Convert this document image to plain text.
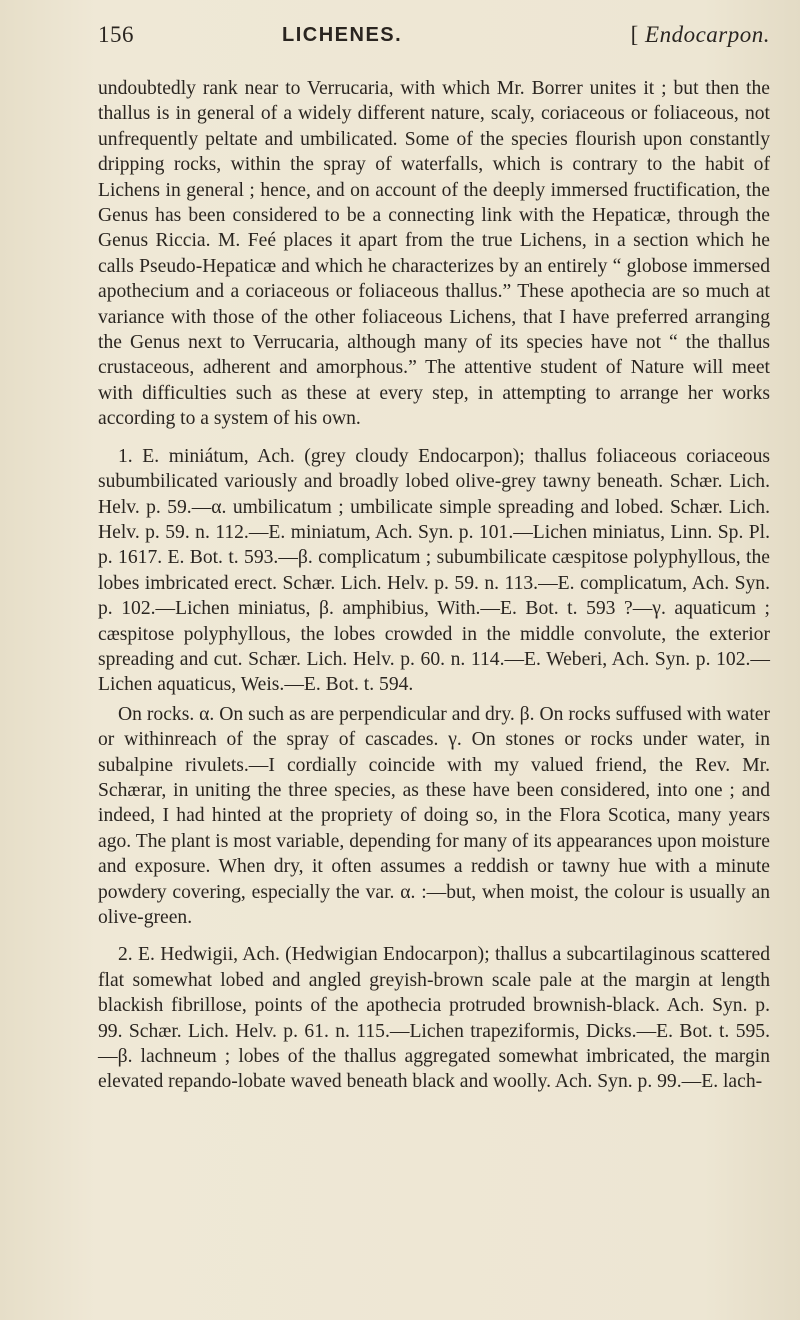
156	LICHENES.	[ Endocarpon.

undoubtedly rank near to Verrucaria, with which Mr. Borrer unites it ; but then the thallus is in general of a widely different nature, scaly, coriaceous or foliaceous, not unfrequently peltate and umbilicated. Some of the species flourish upon constantly dripping rocks, within the spray of waterfalls, which is contrary to the habit of Lichens in general ; hence, and on account of the deeply immersed fructification, the Genus has been considered to be a connecting link with the Hepaticæ, through the Genus Riccia. M. Feé places it apart from the true Lichens, in a section which he calls Pseudo-Hepaticæ and which he characterizes by an entirely “ globose immersed apothecium and a coriaceous or foliaceous thallus.” These apothecia are so much at variance with those of the other foliaceous Lichens, that I have preferred arranging the Genus next to Verrucaria, although many of its species have not “ the thallus crustaceous, adherent and amorphous.” The attentive student of Nature will meet with difficulties such as these at every step, in attempting to arrange her works according to a system of his own.

1. E. miniátum, Ach. (grey cloudy Endocarpon); thallus foliaceous coriaceous subumbilicated variously and broadly lobed olive-grey tawny beneath. Schær. Lich. Helv. p. 59.—α. umbilicatum ; umbilicate simple spreading and lobed. Schær. Lich. Helv. p. 59. n. 112.—E. miniatum, Ach. Syn. p. 101.—Lichen miniatus, Linn. Sp. Pl. p. 1617. E. Bot. t. 593.—β. complicatum ; subumbilicate cæspitose polyphyllous, the lobes imbricated erect. Schær. Lich. Helv. p. 59. n. 113.—E. complicatum, Ach. Syn. p. 102.—Lichen miniatus, β. amphibius, With.—E. Bot. t. 593 ?—γ. aquaticum ; cæspitose polyphyllous, the lobes crowded in the middle convolute, the exterior spreading and cut. Schær. Lich. Helv. p. 60. n. 114.—E. Weberi, Ach. Syn. p. 102.—Lichen aquaticus, Weis.—E. Bot. t. 594.

On rocks. α. On such as are perpendicular and dry. β. On rocks suffused with water or withinreach of the spray of cascades. γ. On stones or rocks under water, in subalpine rivulets.—I cordially coincide with my valued friend, the Rev. Mr. Schærar, in uniting the three species, as these have been considered, into one ; and indeed, I had hinted at the propriety of doing so, in the Flora Scotica, many years ago. The plant is most variable, depending for many of its appearances upon moisture and exposure. When dry, it often assumes a reddish or tawny hue with a minute powdery covering, especially the var. α. :—but, when moist, the colour is usually an olive-green.

2. E. Hedwigii, Ach. (Hedwigian Endocarpon); thallus a subcartilaginous scattered flat somewhat lobed and angled greyish-brown scale pale at the margin at length blackish fibrillose, points of the apothecia protruded brownish-black. Ach. Syn. p. 99. Schær. Lich. Helv. p. 61. n. 115.—Lichen trapeziformis, Dicks.—E. Bot. t. 595.—β. lachneum ; lobes of the thallus aggregated somewhat imbricated, the margin elevated repando-lobate waved beneath black and woolly. Ach. Syn. p. 99.—E. lach-
